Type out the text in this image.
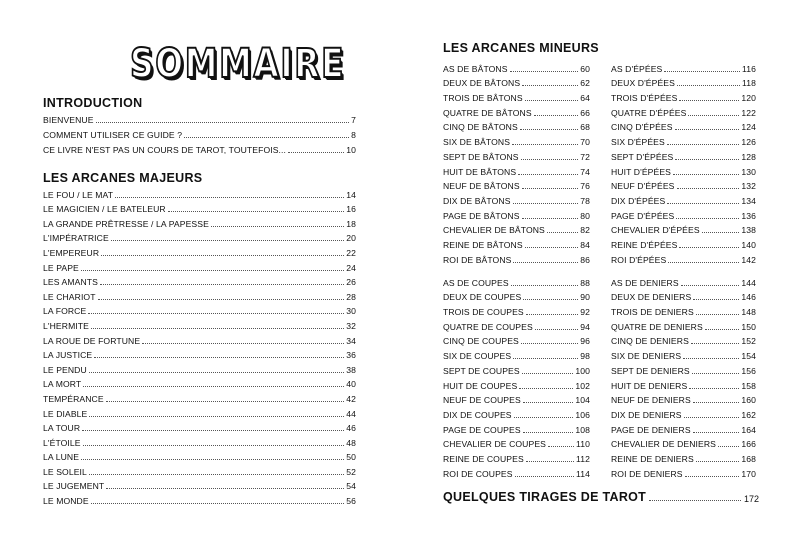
SOMMAIRE
INTRODUCTION
BIENVENUE	7
COMMENT UTILISER CE GUIDE ?	8
CE LIVRE N'EST PAS UN COURS DE TAROT, TOUTEFOIS...	10
LES ARCANES MAJEURS
LE FOU / LE MAT	14
LE MAGICIEN / LE BATELEUR	16
LA GRANDE PRÊTRESSE / LA PAPESSE	18
L'IMPÉRATRICE	20
L'EMPEREUR	22
LE PAPE	24
LES AMANTS	26
LE CHARIOT	28
LA FORCE	30
L'HERMITE	32
LA ROUE DE FORTUNE	34
LA JUSTICE	36
LE PENDU	38
LA MORT	40
TEMPÉRANCE	42
LE DIABLE	44
LA TOUR	46
L'ÉTOILE	48
LA LUNE	50
LE SOLEIL	52
LE JUGEMENT	54
LE MONDE	56
LES ARCANES MINEURS
AS DE BÂTONS	60
DEUX DE BÂTONS	62
TROIS DE BÂTONS	64
QUATRE DE BÂTONS	66
CINQ DE BÂTONS	68
SIX DE BÂTONS	70
SEPT DE BÂTONS	72
HUIT DE BÂTONS	74
NEUF DE BÂTONS	76
DIX DE BÂTONS	78
PAGE DE BÂTONS	80
CHEVALIER DE BÂTONS	82
REINE DE BÂTONS	84
ROI DE BÂTONS	86
AS D'ÉPÉES	116
DEUX D'ÉPÉES	118
TROIS D'ÉPÉES	120
QUATRE D'ÉPÉES	122
CINQ D'ÉPÉES	124
SIX D'ÉPÉES	126
SEPT D'ÉPÉES	128
HUIT D'ÉPÉES	130
NEUF D'ÉPÉES	132
DIX D'ÉPÉES	134
PAGE D'ÉPÉES	136
CHEVALIER D'ÉPÉES	138
REINE D'ÉPÉES	140
ROI D'ÉPÉES	142
AS DE COUPES	88
DEUX DE COUPES	90
TROIS DE COUPES	92
QUATRE DE COUPES	94
CINQ DE COUPES	96
SIX DE COUPES	98
SEPT DE COUPES	100
HUIT DE COUPES	102
NEUF DE COUPES	104
DIX DE COUPES	106
PAGE DE COUPES	108
CHEVALIER DE COUPES	110
REINE DE COUPES	112
ROI DE COUPES	114
AS DE DENIERS	144
DEUX DE DENIERS	146
TROIS DE DENIERS	148
QUATRE DE DENIERS	150
CINQ DE DENIERS	152
SIX DE DENIERS	154
SEPT DE DENIERS	156
HUIT DE DENIERS	158
NEUF DE DENIERS	160
DIX DE DENIERS	162
PAGE DE DENIERS	164
CHEVALIER DE DENIERS	166
REINE DE DENIERS	168
ROI DE DENIERS	170
QUELQUES TIRAGES DE TAROT	172
